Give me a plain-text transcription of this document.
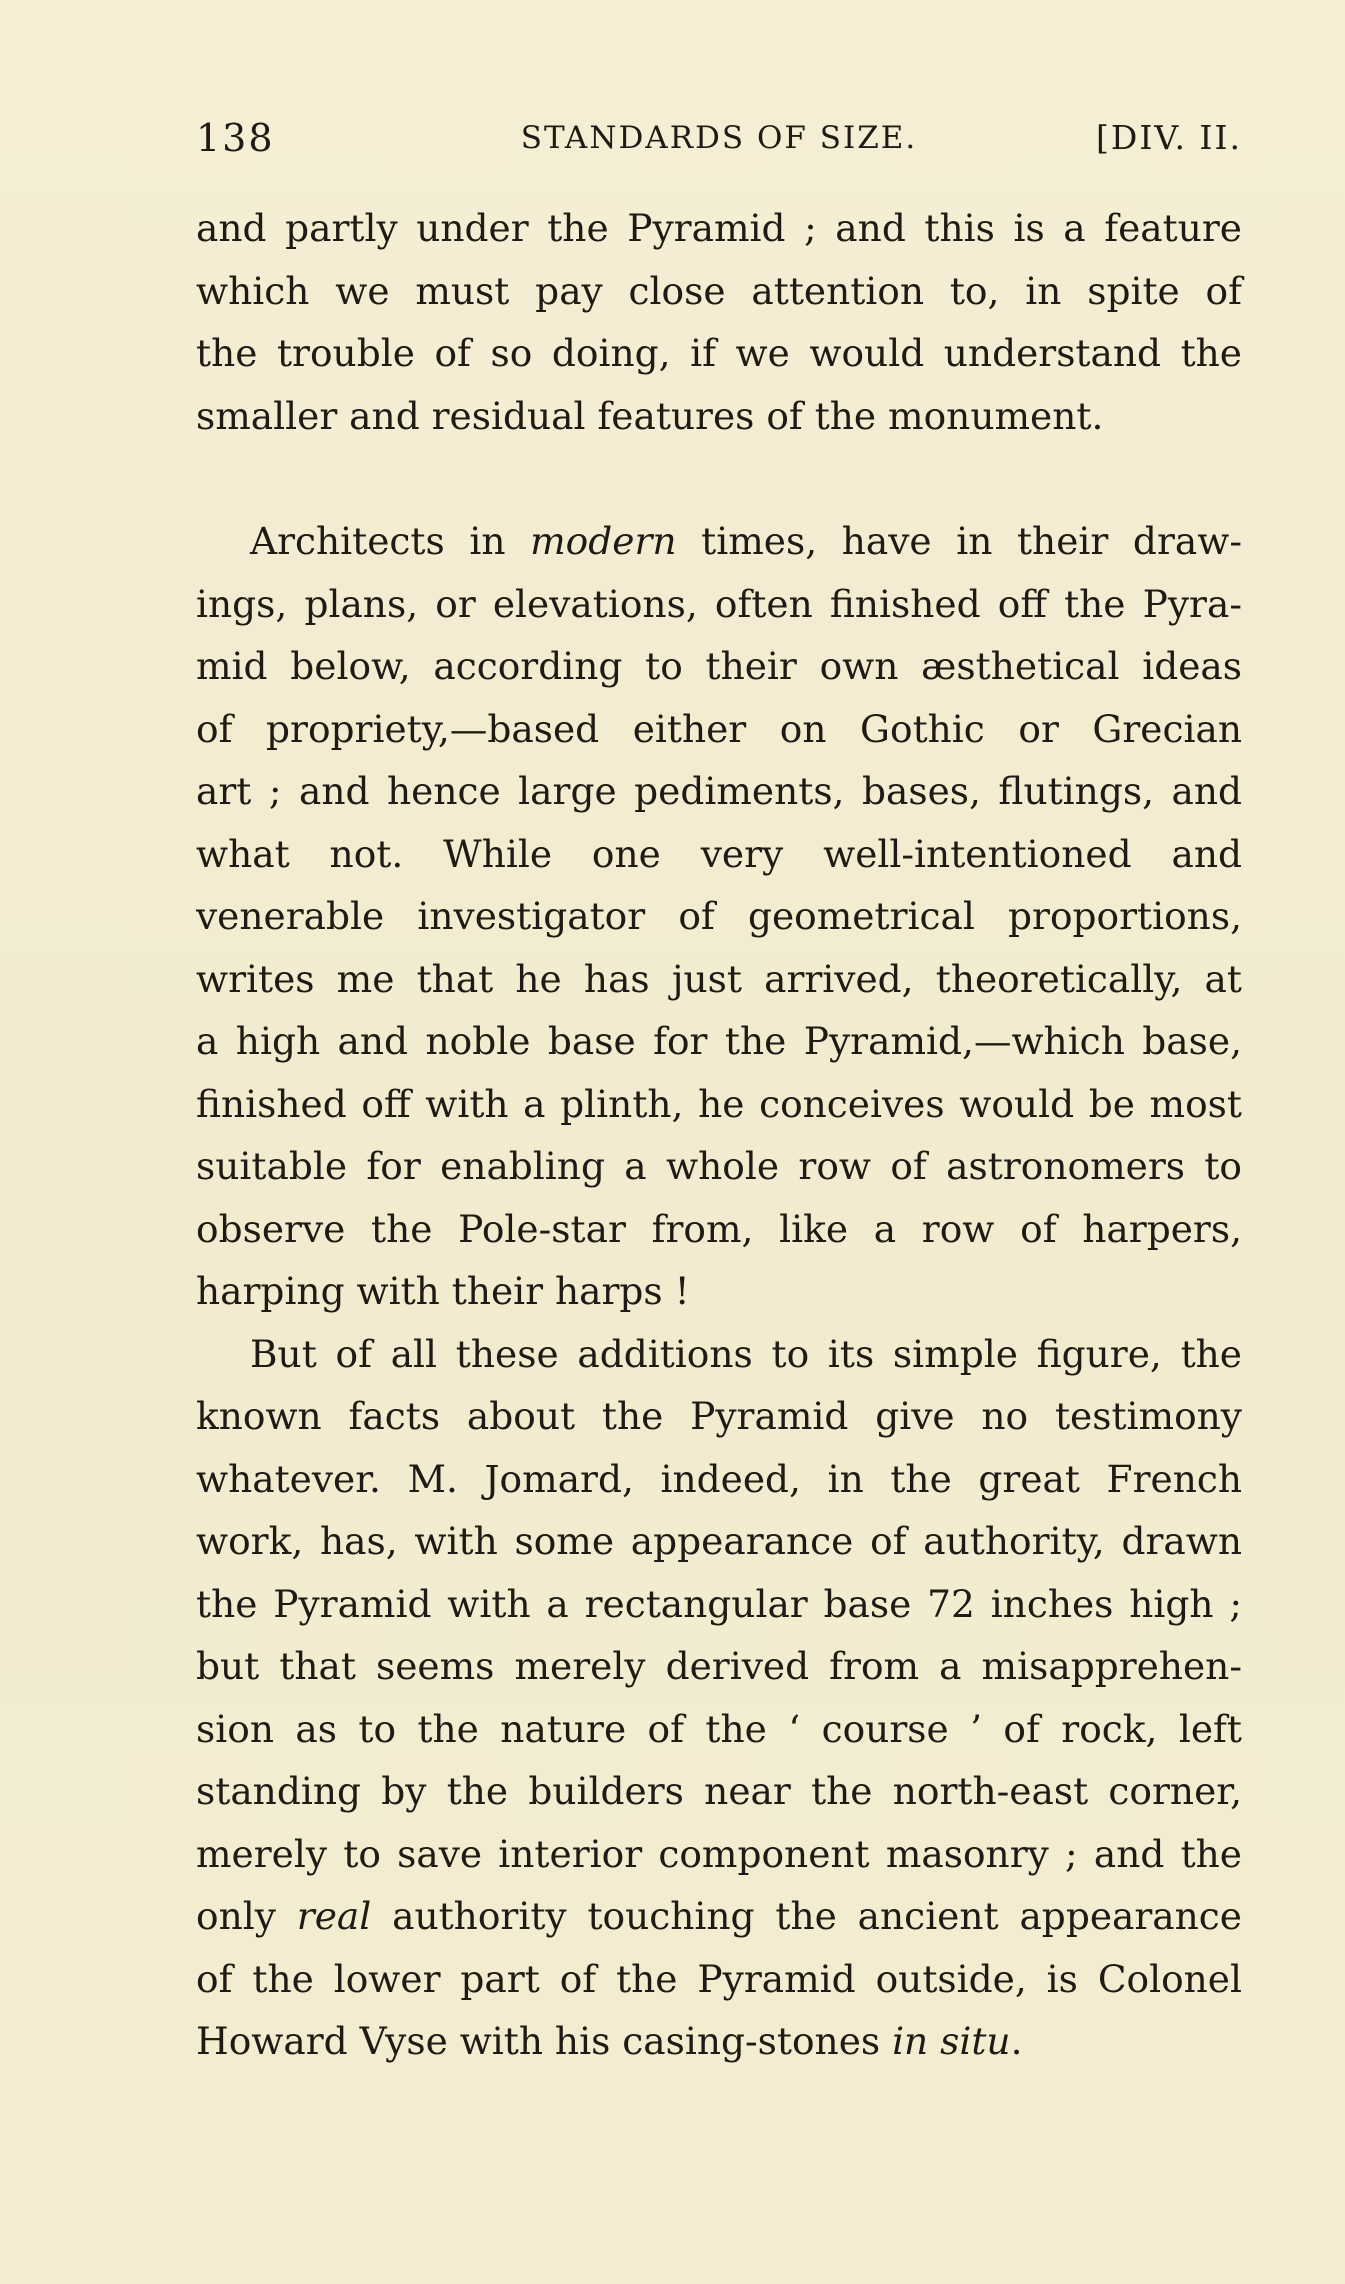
138	STANDARDS OF SIZE.	[DIV. II.
and partly under the Pyramid ; and this is a feature
which we must pay close attention to, in spite of
the trouble of so doing, if we would understand the
smaller and residual features of the monument.
Architects in modern times, have in their draw-
ings, plans, or elevations, often finished off the Pyra-
mid below, according to their own æsthetical ideas
of propriety,—based either on Gothic or Grecian
art ; and hence large pediments, bases, flutings, and
what not. While one very well-intentioned and
venerable investigator of geometrical proportions,
writes me that he has just arrived, theoretically, at
a high and noble base for the Pyramid,—which base,
finished off with a plinth, he conceives would be most
suitable for enabling a whole row of astronomers to
observe the Pole-star from, like a row of harpers,
harping with their harps !
But of all these additions to its simple figure, the
known facts about the Pyramid give no testimony
whatever. M. Jomard, indeed, in the great French
work, has, with some appearance of authority, drawn
the Pyramid with a rectangular base 72 inches high ;
but that seems merely derived from a misapprehen-
sion as to the nature of the ‘ course ’ of rock, left
standing by the builders near the north-east corner,
merely to save interior component masonry ; and the
only real authority touching the ancient appearance
of the lower part of the Pyramid outside, is Colonel
Howard Vyse with his casing-stones in situ.
